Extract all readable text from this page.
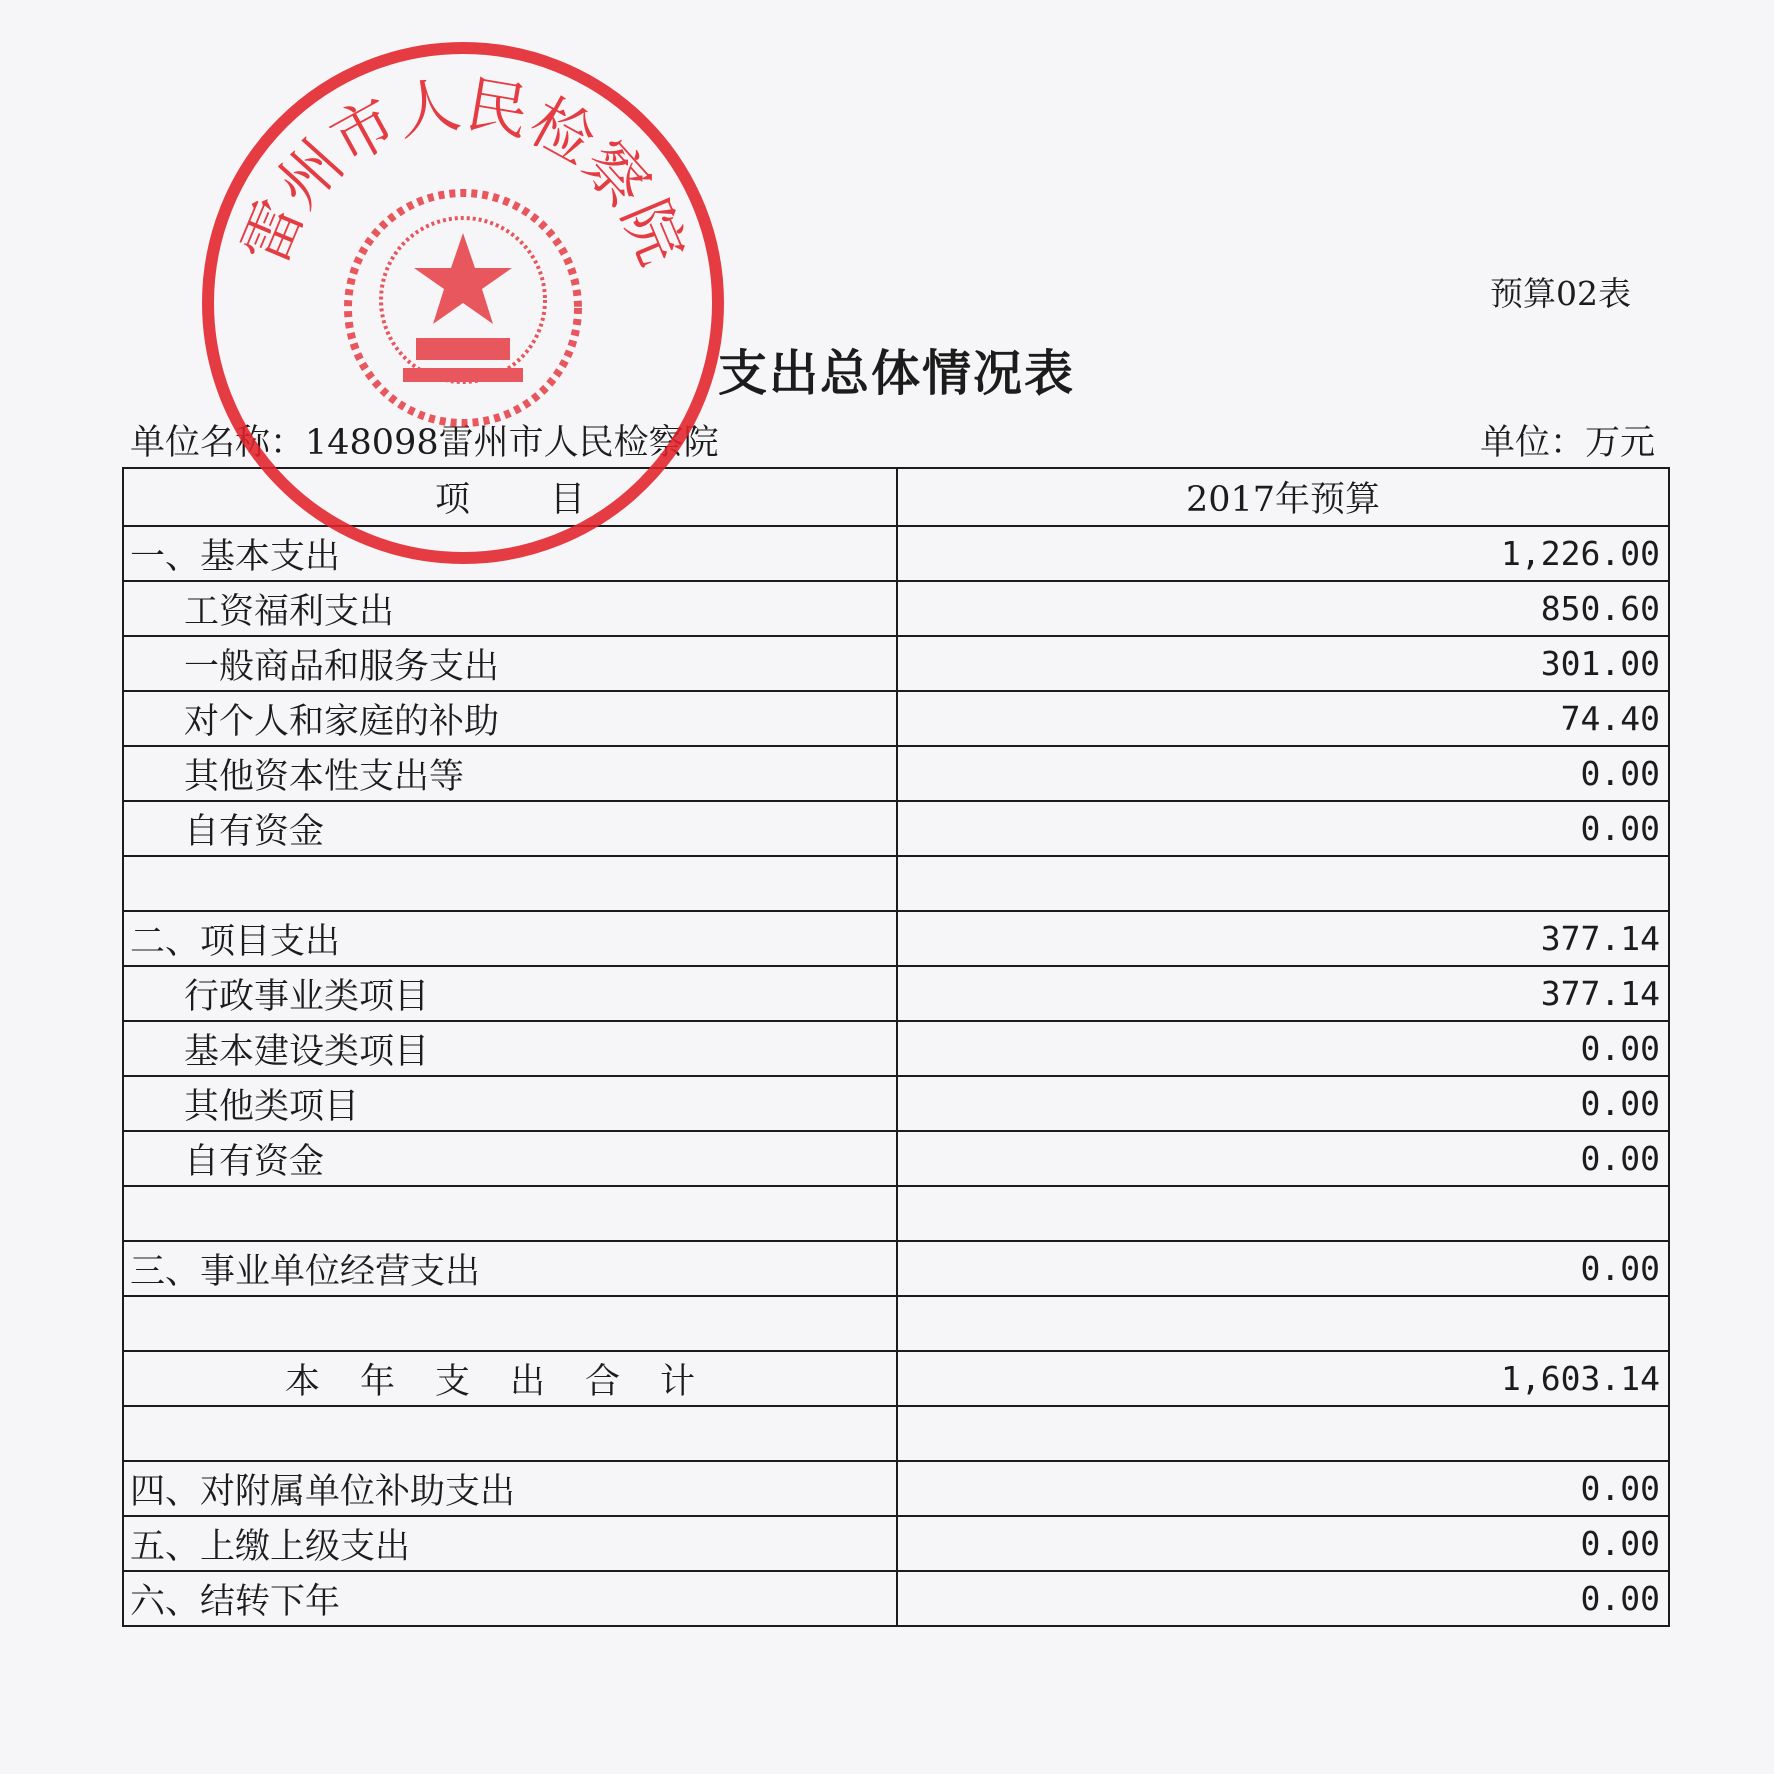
预算02表
支出总体情况表
单位名称：148098雷州市人民检察院	单位：万元
项目	2017年预算
一、基本支出	1,226.00
工资福利支出	850.60
一般商品和服务支出	301.00
对个人和家庭的补助	74.40
其他资本性支出等	0.00
自有资金	0.00

二、项目支出	377.14
行政事业类项目	377.14
基本建设类项目	0.00
其他类项目	0.00
自有资金	0.00

三、事业单位经营支出	0.00

本年支出合计	1,603.14

四、对附属单位补助支出	0.00
五、上缴上级支出	0.00
六、结转下年	0.00
雷州市人民检察院
